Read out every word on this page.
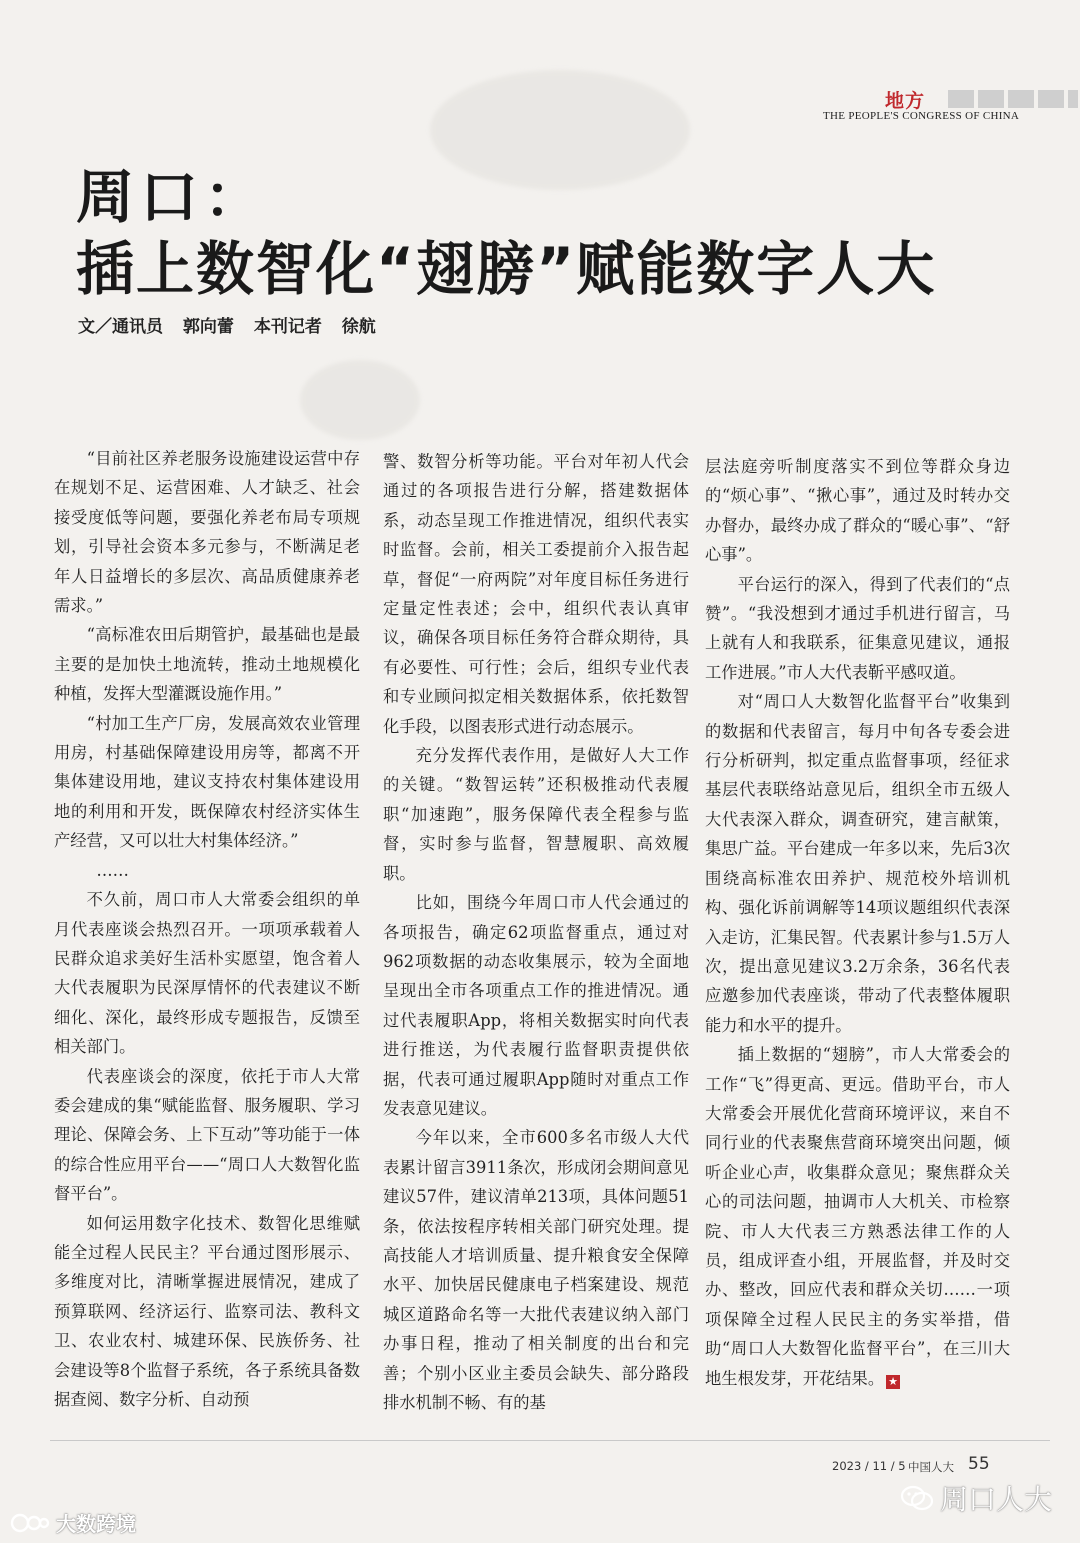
地方
THE PEOPLE'S CONGRESS OF CHINA
周口：
插上数智化“翅膀”赋能数字人大
文／通讯员 郭向蕾 本刊记者 徐航

“目前社区养老服务设施建设运营中存在规划不足、运营困难、人才缺乏、社会接受度低等问题，要强化养老布局专项规划，引导社会资本多元参与，不断满足老年人日益增长的多层次、高品质健康养老需求。”

“高标准农田后期管护，最基础也是最主要的是加快土地流转，推动土地规模化种植，发挥大型灌溉设施作用。”

“村加工生产厂房，发展高效农业管理用房，村基础保障建设用房等，都离不开集体建设用地，建议支持农村集体建设用地的利用和开发，既保障农村经济实体生产经营，又可以壮大村集体经济。”

……

不久前，周口市人大常委会组织的单月代表座谈会热烈召开。一项项承载着人民群众追求美好生活朴实愿望，饱含着人大代表履职为民深厚情怀的代表建议不断细化、深化，最终形成专题报告，反馈至相关部门。

代表座谈会的深度，依托于市人大常委会建成的集“赋能监督、服务履职、学习理论、保障会务、上下互动”等功能于一体的综合性应用平台——“周口人大数智化监督平台”。

如何运用数字化技术、数智化思维赋能全过程人民民主？平台通过图形展示、多维度对比，清晰掌握进展情况，建成了预算联网、经济运行、监察司法、教科文卫、农业农村、城建环保、民族侨务、社会建设等8个监督子系统，各子系统具备数据查阅、数字分析、自动预

警、数智分析等功能。平台对年初人代会通过的各项报告进行分解，搭建数据体系，动态呈现工作推进情况，组织代表实时监督。会前，相关工委提前介入报告起草，督促“一府两院”对年度目标任务进行定量定性表述；会中，组织代表认真审议，确保各项目标任务符合群众期待，具有必要性、可行性；会后，组织专业代表和专业顾问拟定相关数据体系，依托数智化手段，以图表形式进行动态展示。

充分发挥代表作用，是做好人大工作的关键。“数智运转”还积极推动代表履职“加速跑”，服务保障代表全程参与监督，实时参与监督，智慧履职、高效履职。

比如，围绕今年周口市人代会通过的各项报告，确定62项监督重点，通过对962项数据的动态收集展示，较为全面地呈现出全市各项重点工作的推进情况。通过代表履职App，将相关数据实时向代表进行推送，为代表履行监督职责提供依据，代表可通过履职App随时对重点工作发表意见建议。

今年以来，全市600多名市级人大代表累计留言3911条次，形成闭会期间意见建议57件，建议清单213项，具体问题51条，依法按程序转相关部门研究处理。提高技能人才培训质量、提升粮食安全保障水平、加快居民健康电子档案建设、规范城区道路命名等一大批代表建议纳入部门办事日程，推动了相关制度的出台和完善；个别小区业主委员会缺失、部分路段排水机制不畅、有的基

层法庭旁听制度落实不到位等群众身边的“烦心事”、“揪心事”，通过及时转办交办督办，最终办成了群众的“暖心事”、“舒心事”。

平台运行的深入，得到了代表们的“点赞”。“我没想到才通过手机进行留言，马上就有人和我联系，征集意见建议，通报工作进展。”市人大代表靳平感叹道。

对“周口人大数智化监督平台”收集到的数据和代表留言，每月中旬各专委会进行分析研判，拟定重点监督事项，经征求基层代表联络站意见后，组织全市五级人大代表深入群众，调查研究，建言献策，集思广益。平台建成一年多以来，先后3次围绕高标准农田养护、规范校外培训机构、强化诉前调解等14项议题组织代表深入走访，汇集民智。代表累计参与1.5万人次，提出意见建议3.2万余条，36名代表应邀参加代表座谈，带动了代表整体履职能力和水平的提升。

插上数据的“翅膀”，市人大常委会的工作“飞”得更高、更远。借助平台，市人大常委会开展优化营商环境评议，来自不同行业的代表聚焦营商环境突出问题，倾听企业心声，收集群众意见；聚焦群众关心的司法问题，抽调市人大机关、市检察院、市人大代表三方熟悉法律工作的人员，组成评查小组，开展监督，并及时交办、整改，回应代表和群众关切……一项项保障全过程人民民主的务实举措，借助“周口人大数智化监督平台”，在三川大地生根发芽，开花结果。 ★

2023 / 11 / 5 中国人大 55
周口人大
大数跨境
